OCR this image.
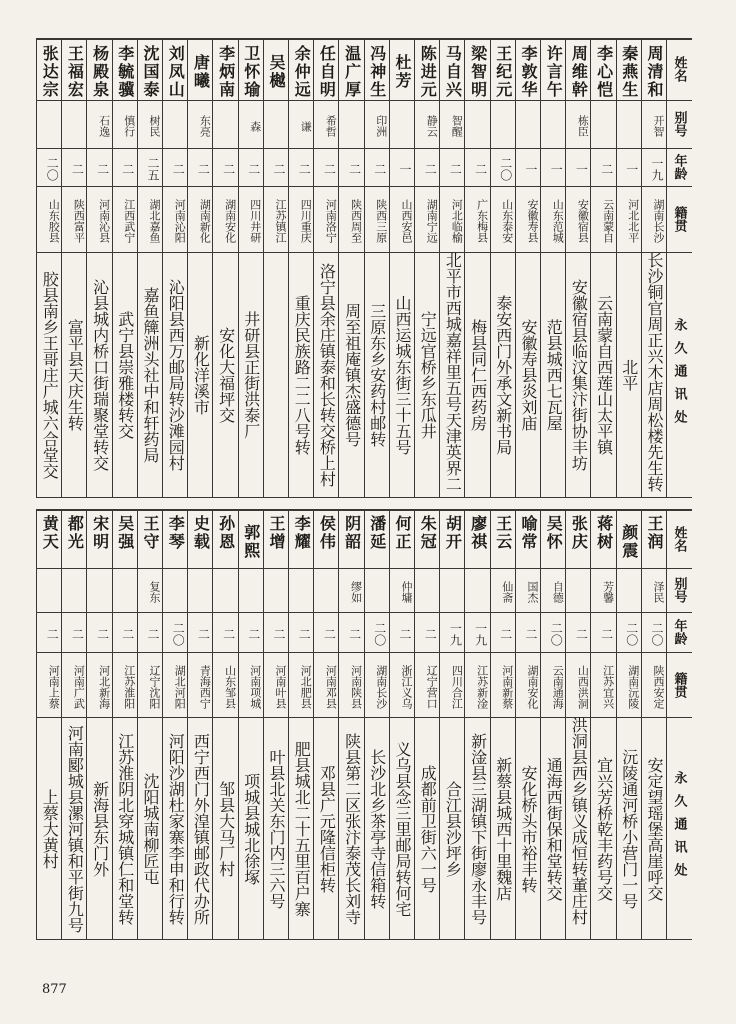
姓名
别号
年龄
籍贯
永久通讯处
周清和
开智
一九
湖南长沙
长沙铜官周正兴木店周松楼先生转
秦燕生
一
河北北平
北平
李心恺
二
云南蒙自
云南蒙自西莲山太平镇
周维幹
栋臣
一
安徽宿县
安徽宿县临汶集汴街协丰坊
许言午
一
山东范城
范县城西七瓦屋
李敦华
一
安徽寿县
安徽寿县炎刘庙
王纪元
二〇
山东泰安
泰安西门外承文新书局
梁智明
二
广东梅县
梅县同仁西药房
马自兴
智醒
二
河北临榆
北平市西城嘉祥里五号天津英界二
陈进元
静云
二
湖南宁远
宁远官桥乡东瓜井
杜芳
一
山西安邑
山西运城东街三十五号
冯神生
印洲
二
陕西三原
三原东乡安药村邮转
温广厚
二
陕西周至
周至祖庵镇杰盛德号
任自明
希哲
二
河南洛宁
洛宁县余庄镇泰和长转交桥上村
余仲远
谦
二
四川重庆
重庆民族路二二八号转
吴樾
二
江苏镇江
卫怀瑜
森
二
四川井研
井研县正街洪泰厂
李炳南
二
湖南安化
安化大福坪交
唐曦
东亮
二
湖南新化
新化洋溪市
刘凤山
二
河南沁阳
沁阳县西万邮局转沙滩园村
沈国泰
树民
二五
湖北嘉鱼
嘉鱼簰洲头社中和轩药局
李毓骥
慎行
二
江西武宁
武宁县崇雅楼转交
杨殿泉
石逸
二
河南沁县
沁县城内桥口街瑞聚堂转交
王福宏
二
陕西富平
富平县天庆生转
张达宗
二〇
山东胶县
胶县南乡王哥庄广城六合堂交
姓名
别号
年龄
籍贯
永久通讯处
王润
泽民
二〇
陕西安定
安定望瑶堡高崖呼交
颜震
二〇
湖南沅陵
沅陵通河桥小营门一号
蒋树
芳馨
二
江苏宜兴
宜兴芳桥乾丰药号交
张庆
二
山西洪洞
洪洞县西乡镇义成恒转董庄村
吴怀
自德
二〇
云南通海
通海西街保和堂转交
喻常
国杰
二
湖南安化
安化桥头市裕丰转
王云
仙斋
二
河南新蔡
新蔡县城西十里魏店
廖祺
一九
江苏新淦
新淦县三湖镇下街廖永丰号
胡开
一九
四川合江
合江县沙坪乡
朱冠
二
辽宁营口
成都前卫街六一号
何正
仲墉
二
浙江义乌
义乌县念三里邮局转何宅
潘延
二〇
湖南长沙
长沙北乡茶亭寺信箱转
阴韶
缪如
二
河南陕县
陕县第二区张汴泰茂长刘寺
侯伟
二
河南邓县
邓县广元隆信柜转
李耀
二
河北肥县
肥县城北二十五里百户寨
王增
二
河南叶县
叶县北关东门内三六号
郭熙
二
河南项城
项城县城北徐塚
孙恩
二
山东邹县
邹县大马厂村
史载
二
青海西宁
西宁西门外湟镇邮政代办所
李琴
二〇
湖北河阳
河阳沙湖杜家寨李申和行转
王守
复东
二
辽宁沈阳
沈阳城南柳匠屯
吴强
二
江苏淮阳
江苏淮阴北穿城镇仁和堂转
宋明
二
河北新海
新海县东门外
都光
二
河南广武
河南郾城县漯河镇和平街九号
黄天
二
河南上蔡
上蔡大黄村
877
